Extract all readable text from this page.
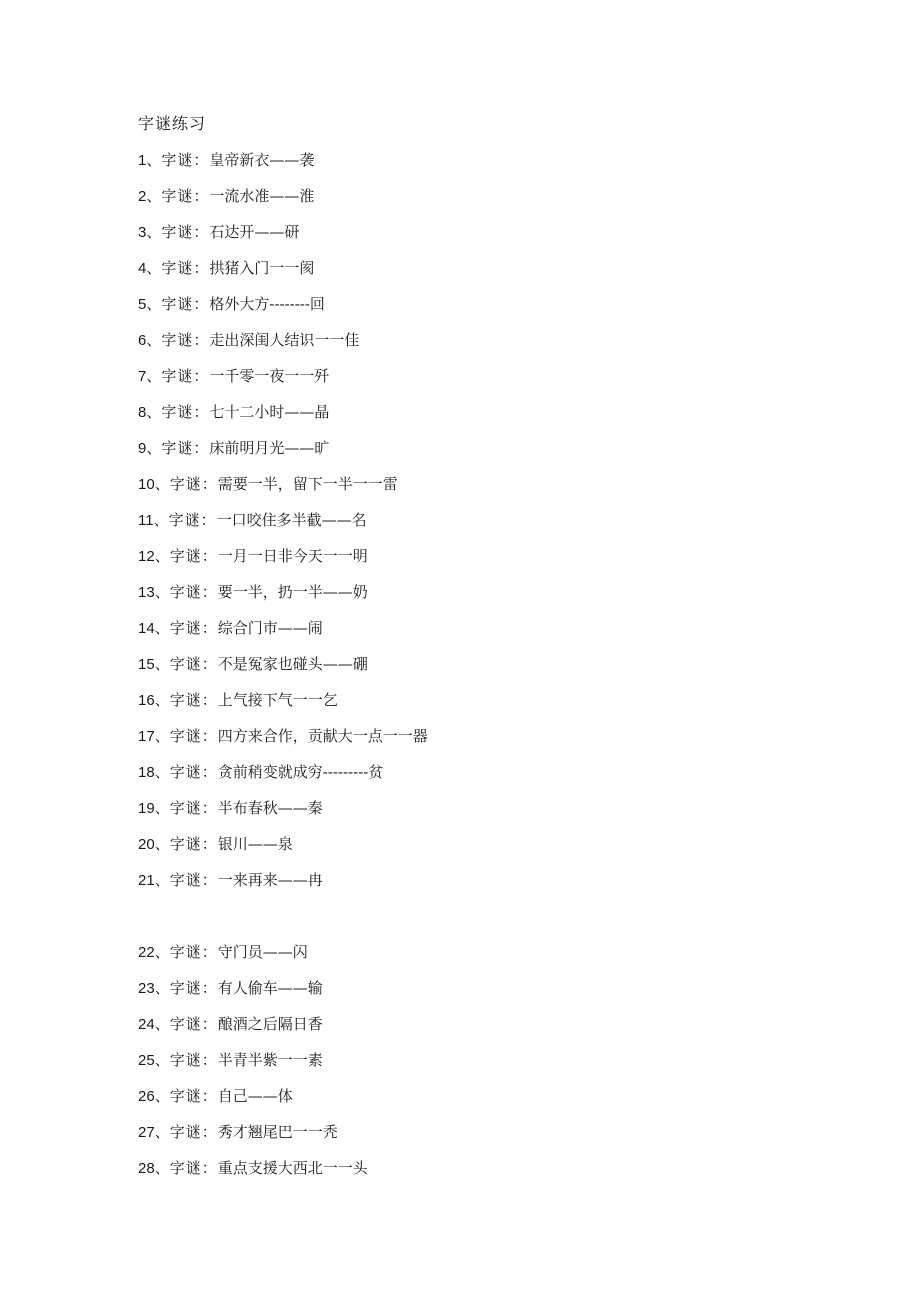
字谜练习
1、字谜：皇帝新衣——袭
2、字谜：一流水准——淮
3、字谜：石达开——研
4、字谜：拱猪入门一一阂
5、字谜：格外大方--------回
6、字谜：走出深闺人结识一一佳
7、字谜：一千零一夜一一歼
8、字谜：七十二小时——晶
9、字谜：床前明月光——旷
10、字谜：需要一半，留下一半一一雷
11、字谜：一口咬住多半截——名
12、字谜：一月一日非今天一一明
13、字谜：要一半，扔一半——奶
14、字谜：综合门市——闹
15、字谜：不是冤家也碰头——硼
16、字谜：上气接下气一一乞
17、字谜：四方来合作，贡献大一点一一器
18、字谜：贪前稍变就成穷---------贫
19、字谜：半布春秋——秦
20、字谜：银川——泉
21、字谜：一来再来——冉
22、字谜：守门员——闪
23、字谜：有人偷车——输
24、字谜：酿酒之后隔日香
25、字谜：半青半紫一一素
26、字谜：自己——体
27、字谜：秀才翘尾巴一一秃
28、字谜：重点支援大西北一一头
